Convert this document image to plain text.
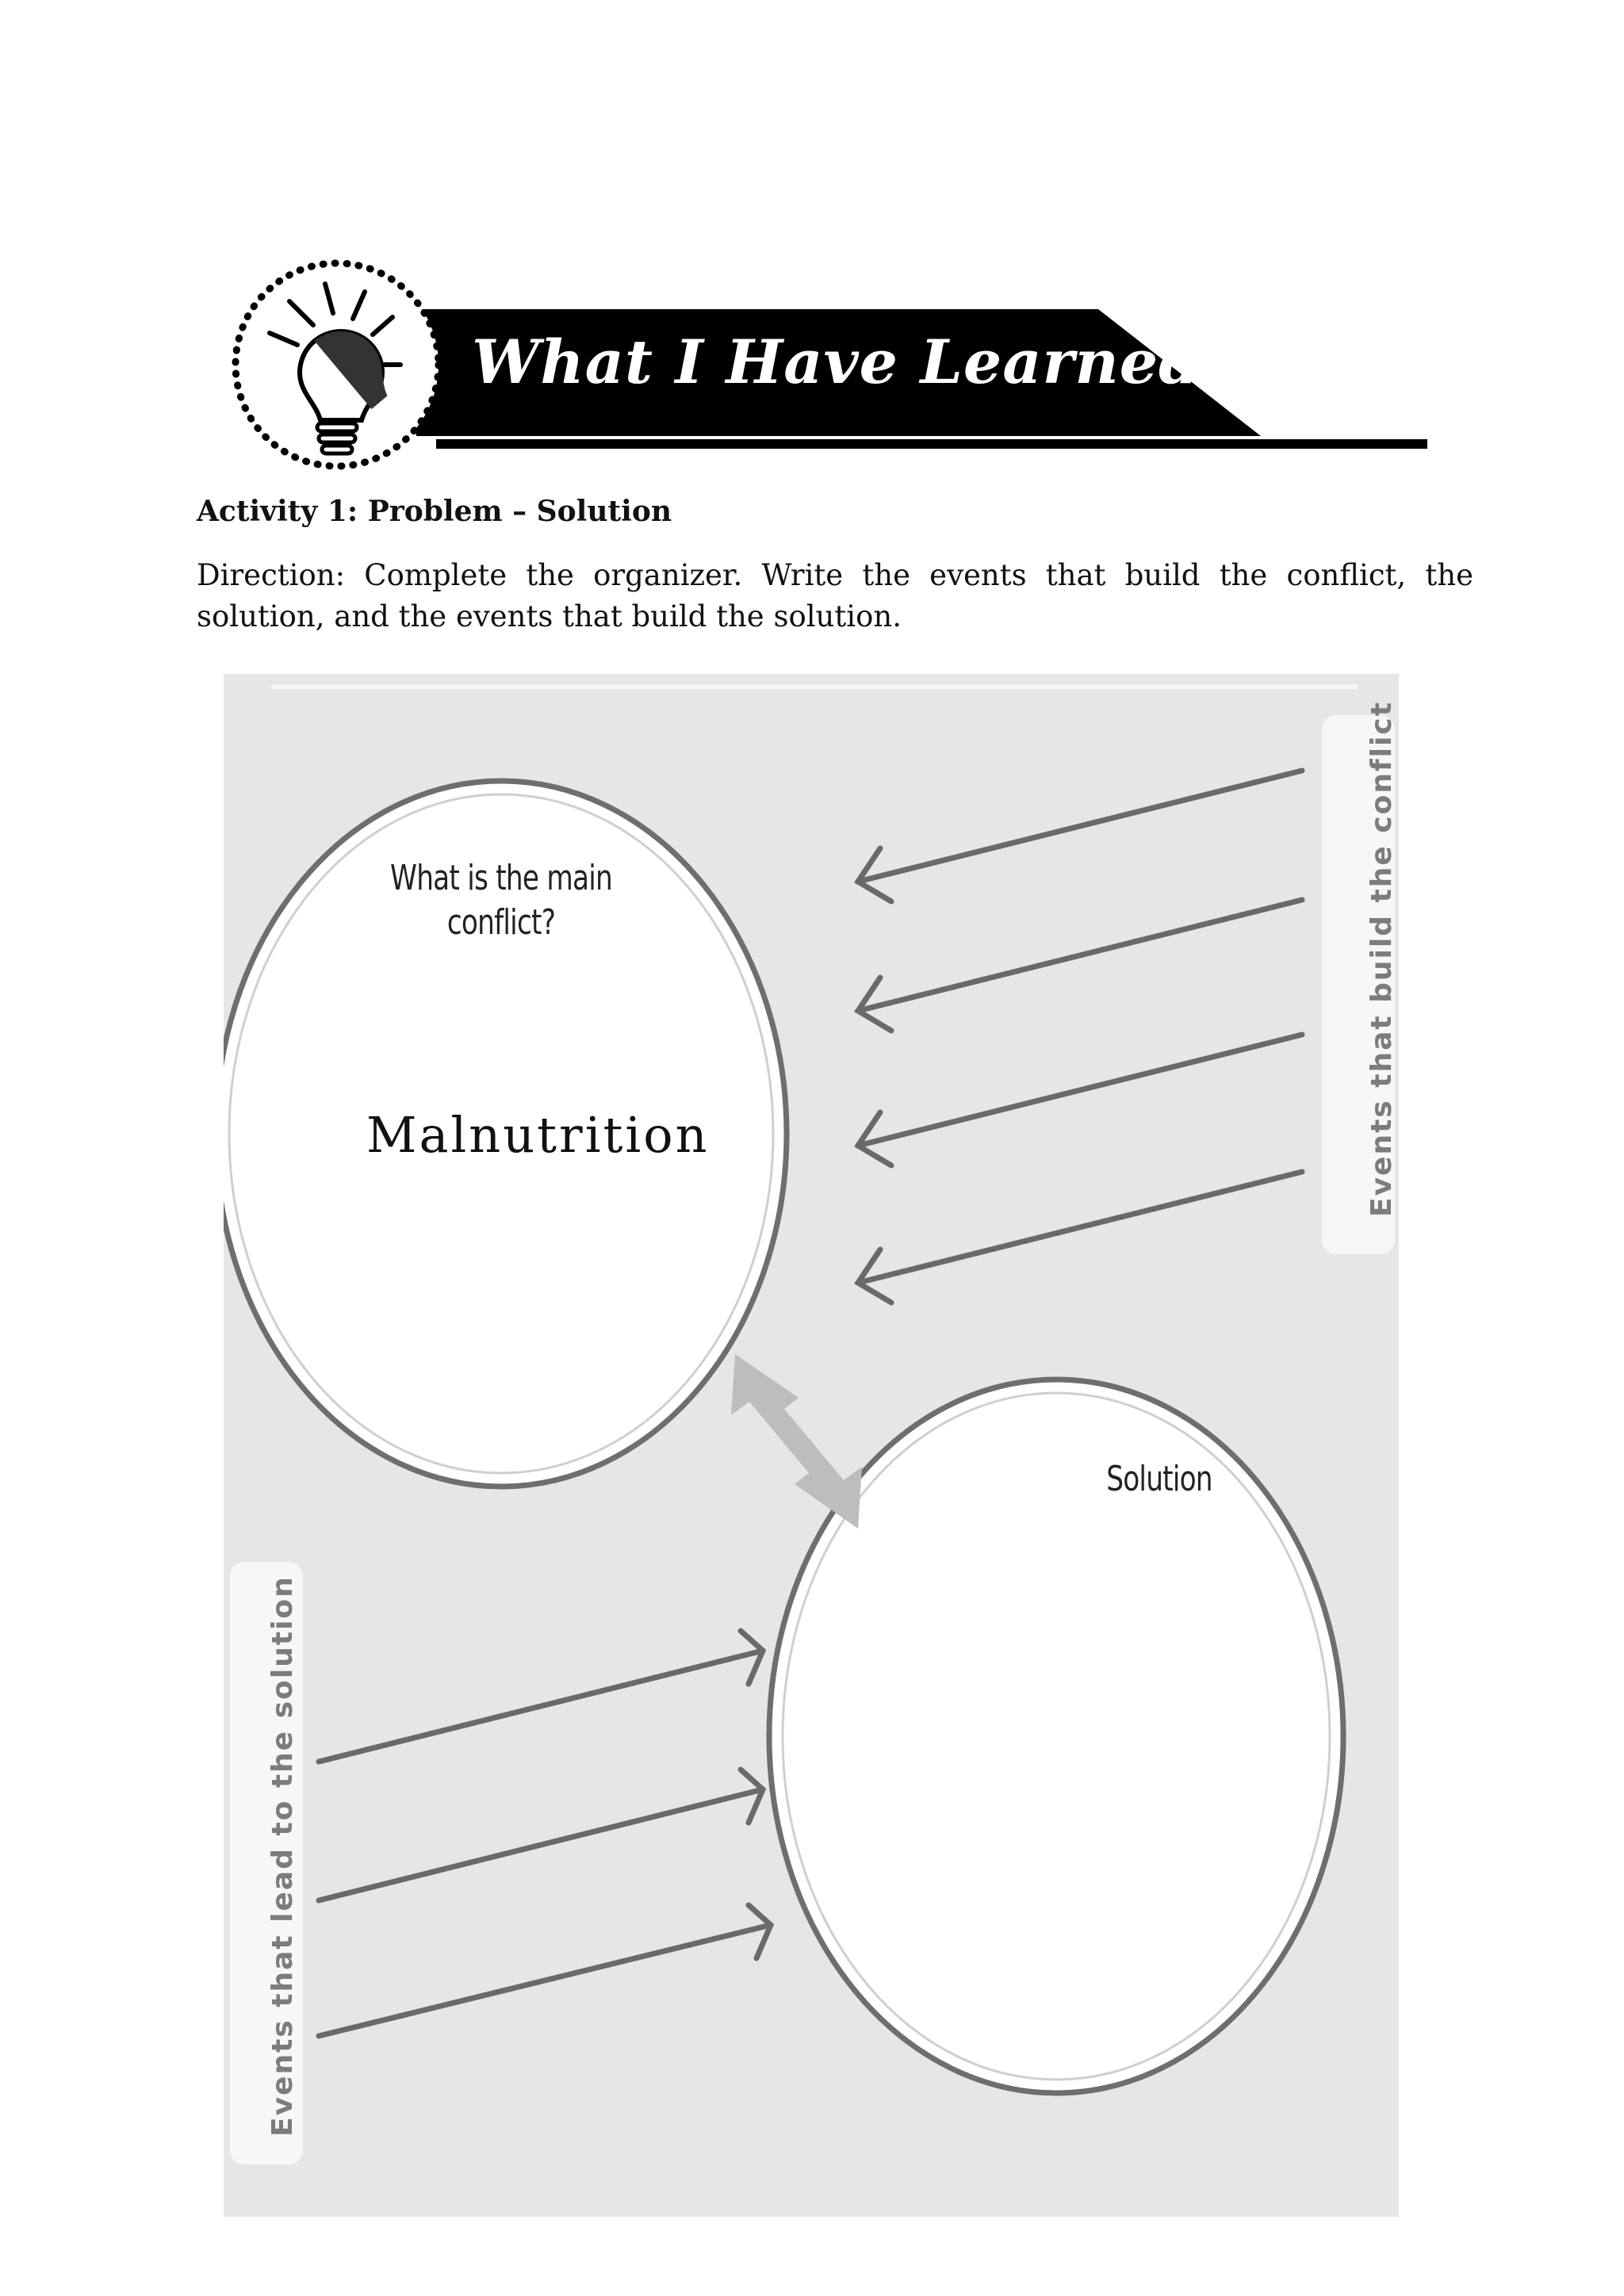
What I Have Learned
Activity 1: Problem – Solution
Direction: Complete the organizer. Write the events that build the conflict, the solution, and the events that build the solution.
What is the main conflict?
Malnutrition
Solution
Events that build the conflict
Events that lead to the solution
